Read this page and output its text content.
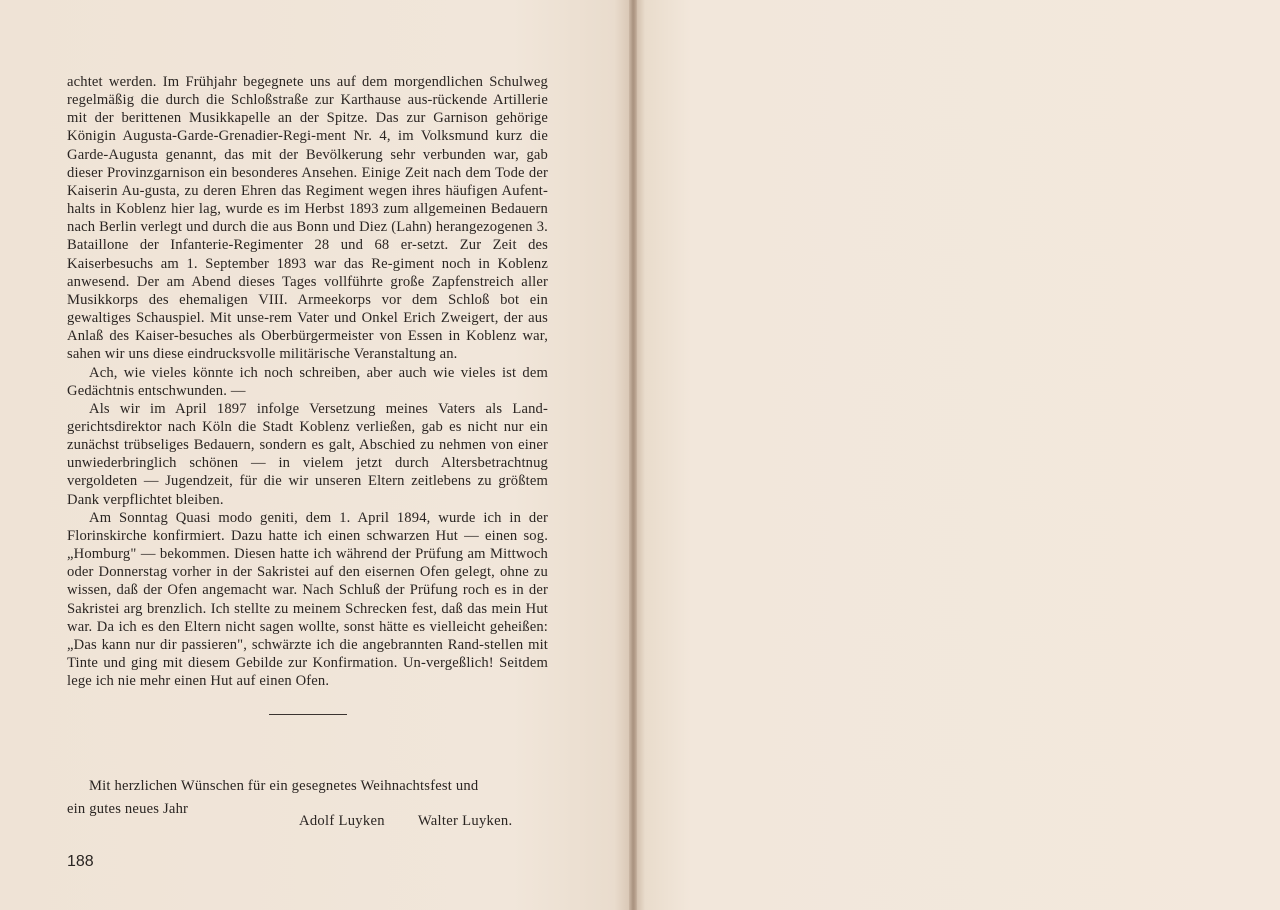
achtet werden. Im Frühjahr begegnete uns auf dem morgendlichen Schulweg regelmäßig die durch die Schloßstraße zur Karthause aus-rückende Artillerie mit der berittenen Musikkapelle an der Spitze. Das zur Garnison gehörige Königin Augusta-Garde-Grenadier-Regi-ment Nr. 4, im Volksmund kurz die Garde-Augusta genannt, das mit der Bevölkerung sehr verbunden war, gab dieser Provinzgarnison ein besonderes Ansehen. Einige Zeit nach dem Tode der Kaiserin Au-gusta, zu deren Ehren das Regiment wegen ihres häufigen Aufent-halts in Koblenz hier lag, wurde es im Herbst 1893 zum allgemeinen Bedauern nach Berlin verlegt und durch die aus Bonn und Diez (Lahn) herangezogenen 3. Bataillone der Infanterie-Regimenter 28 und 68 er-setzt. Zur Zeit des Kaiserbesuchs am 1. September 1893 war das Re-giment noch in Koblenz anwesend. Der am Abend dieses Tages vollführte große Zapfenstreich aller Musikkorps des ehemaligen VIII. Armeekorps vor dem Schloß bot ein gewaltiges Schauspiel. Mit unse-rem Vater und Onkel Erich Zweigert, der aus Anlaß des Kaiser-besuches als Oberbürgermeister von Essen in Koblenz war, sahen wir uns diese eindrucksvolle militärische Veranstaltung an.

Ach, wie vieles könnte ich noch schreiben, aber auch wie vieles ist dem Gedächtnis entschwunden. —

Als wir im April 1897 infolge Versetzung meines Vaters als Land-gerichtsdirektor nach Köln die Stadt Koblenz verließen, gab es nicht nur ein zunächst trübseliges Bedauern, sondern es galt, Abschied zu nehmen von einer unwiederbringlich schönen — in vielem jetzt durch Altersbetrachtnug vergoldeten — Jugendzeit, für die wir unseren Eltern zeitlebens zu größtem Dank verpflichtet bleiben.

Am Sonntag Quasi modo geniti, dem 1. April 1894, wurde ich in der Florinskirche konfirmiert. Dazu hatte ich einen schwarzen Hut — einen sog. „Homburg" — bekommen. Diesen hatte ich während der Prüfung am Mittwoch oder Donnerstag vorher in der Sakristei auf den eisernen Ofen gelegt, ohne zu wissen, daß der Ofen angemacht war. Nach Schluß der Prüfung roch es in der Sakristei arg brenzlich. Ich stellte zu meinem Schrecken fest, daß das mein Hut war. Da ich es den Eltern nicht sagen wollte, sonst hätte es vielleicht geheißen: „Das kann nur dir passieren", schwärzte ich die angebrannten Rand-stellen mit Tinte und ging mit diesem Gebilde zur Konfirmation. Un-vergeßlich! Seitdem lege ich nie mehr einen Hut auf einen Ofen.

Mit herzlichen Wünschen für ein gesegnetes Weihnachtsfest und

ein gutes neues Jahr

Adolf Luyken Walter Luyken.
188
